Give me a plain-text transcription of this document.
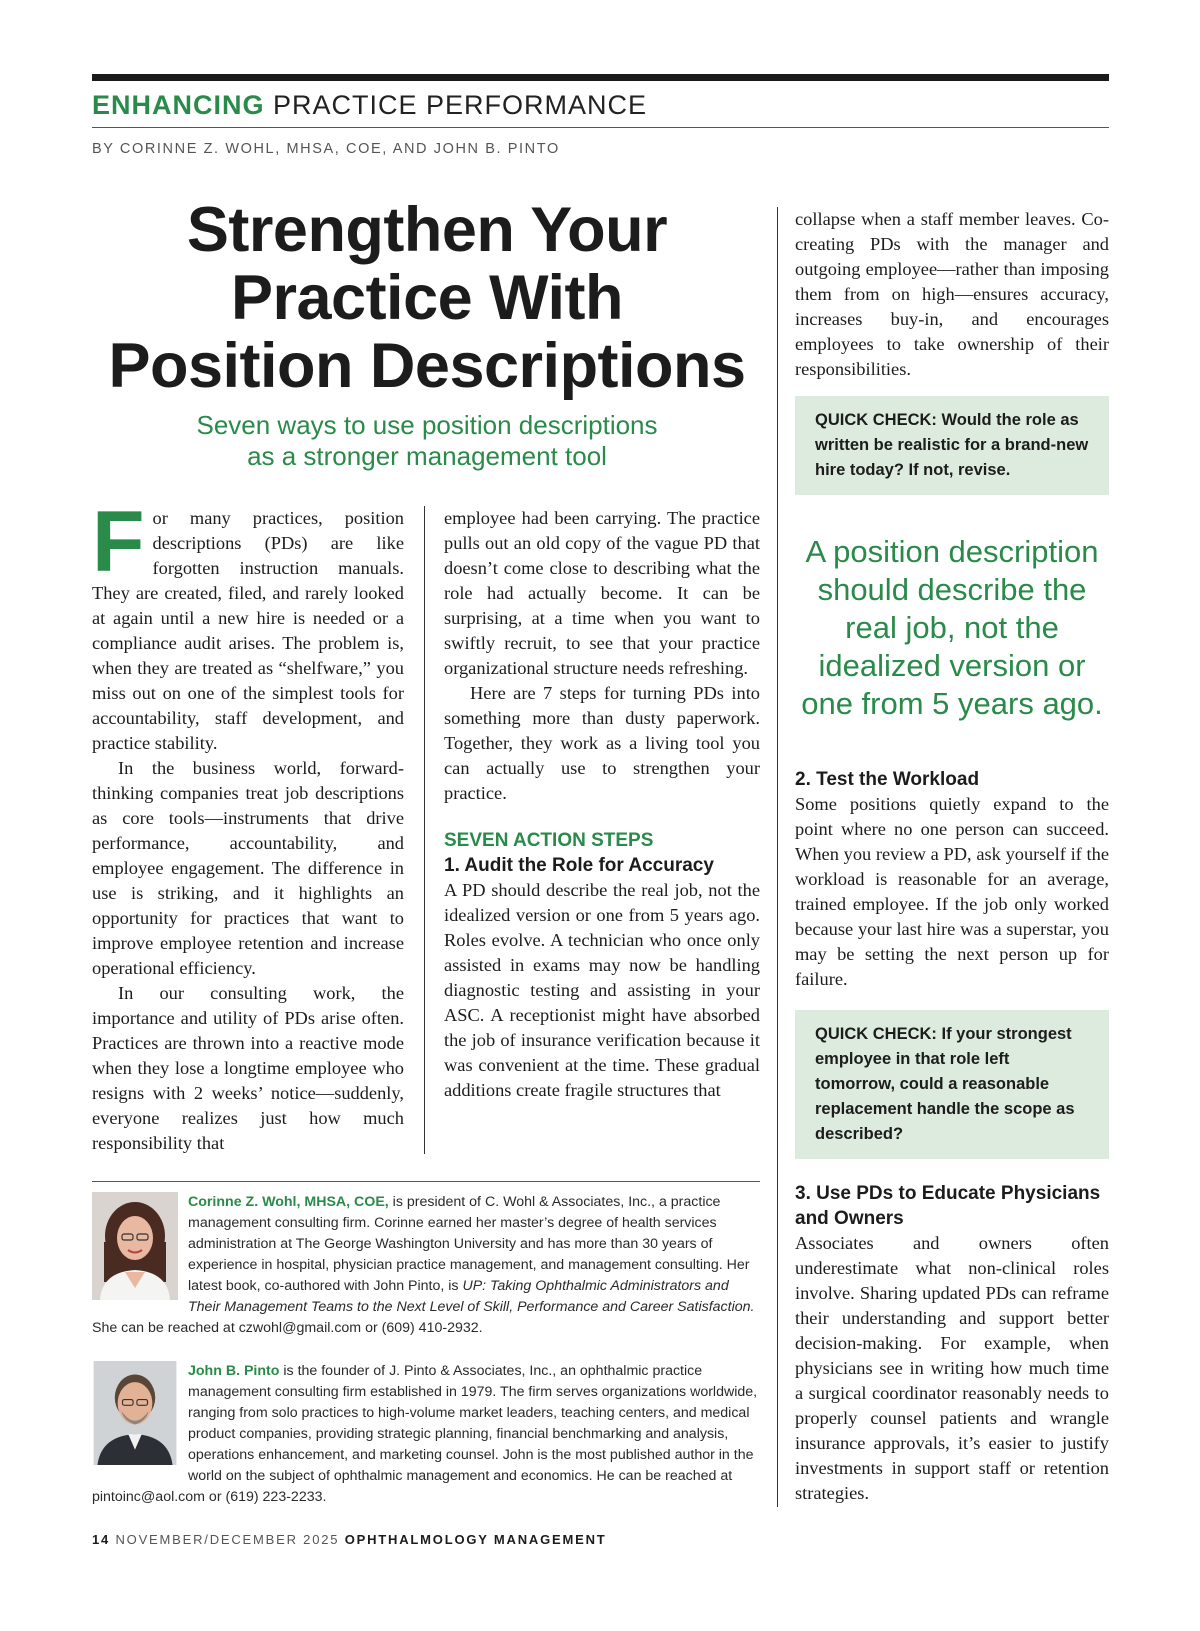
ENHANCING PRACTICE PERFORMANCE
BY CORINNE Z. WOHL, MHSA, COE, AND JOHN B. PINTO
Strengthen Your
Practice With
Position Descriptions
Seven ways to use position descriptions
as a stronger management tool

For many practices, position descriptions (PDs) are like forgotten instruction manuals. They are created, filed, and rarely looked at again until a new hire is needed or a compliance audit arises. The problem is, when they are treated as “shelfware,” you miss out on one of the simplest tools for accountability, staff development, and practice stability.

In the business world, forward-thinking companies treat job descriptions as core tools—instruments that drive performance, accountability, and employee engagement. The difference in use is striking, and it highlights an opportunity for practices that want to improve employee retention and increase operational efficiency.

In our consulting work, the importance and utility of PDs arise often. Practices are thrown into a reactive mode when they lose a longtime employee who resigns with 2 weeks’ notice—suddenly, everyone realizes just how much responsibility that

employee had been carrying. The practice pulls out an old copy of the vague PD that doesn’t come close to describing what the role had actually become. It can be surprising, at a time when you want to swiftly recruit, to see that your practice organizational structure needs refreshing.

Here are 7 steps for turning PDs into something more than dusty paperwork. Together, they work as a living tool you can actually use to strengthen your practice.

SEVEN ACTION STEPS
1. Audit the Role for Accuracy

A PD should describe the real job, not the idealized version or one from 5 years ago. Roles evolve. A technician who once only assisted in exams may now be handling diagnostic testing and assisting in your ASC. A receptionist might have absorbed the job of insurance verification because it was convenient at the time. These gradual additions create fragile structures that

collapse when a staff member leaves. Co-creating PDs with the manager and outgoing employee—rather than imposing them from on high—ensures accuracy, increases buy-in, and encourages employees to take ownership of their responsibilities.

QUICK CHECK: Would the role as written be realistic for a brand-new hire today? If not, revise.
A position description should describe the real job, not the idealized version or one from 5 years ago.
2. Test the Workload

Some positions quietly expand to the point where no one person can succeed. When you review a PD, ask yourself if the workload is reasonable for an average, trained employee. If the job only worked because your last hire was a superstar, you may be setting the next person up for failure.

QUICK CHECK: If your strongest employee in that role left tomorrow, could a reasonable replacement handle the scope as described?
3. Use PDs to Educate Physicians and Owners

Associates and owners often underestimate what non-clinical roles involve. Sharing updated PDs can reframe their understanding and support better decision-making. For example, when physicians see in writing how much time a surgical coordinator reasonably needs to properly counsel patients and wrangle insurance approvals, it’s easier to justify investments in support staff or retention strategies.

Corinne Z. Wohl, MHSA, COE, is president of C. Wohl & Associates, Inc., a practice management consulting firm. Corinne earned her master’s degree of health services administration at The George Washington University and has more than 30 years of experience in hospital, physician practice management, and management consulting. Her latest book, co-authored with John Pinto, is UP: Taking Ophthalmic Administrators and Their Management Teams to the Next Level of Skill, Performance and Career Satisfaction. She can be reached at czwohl@gmail.com or (609) 410-2932.
John B. Pinto is the founder of J. Pinto & Associates, Inc., an ophthalmic practice management consulting firm established in 1979. The firm serves organizations worldwide, ranging from solo practices to high-volume market leaders, teaching centers, and medical product companies, providing strategic planning, financial benchmarking and analysis, operations enhancement, and marketing counsel. John is the most published author in the world on the subject of ophthalmic management and economics. He can be reached at pintoinc@aol.com or (619) 223-2233.
14 NOVEMBER/DECEMBER 2025 OPHTHALMOLOGY MANAGEMENT
